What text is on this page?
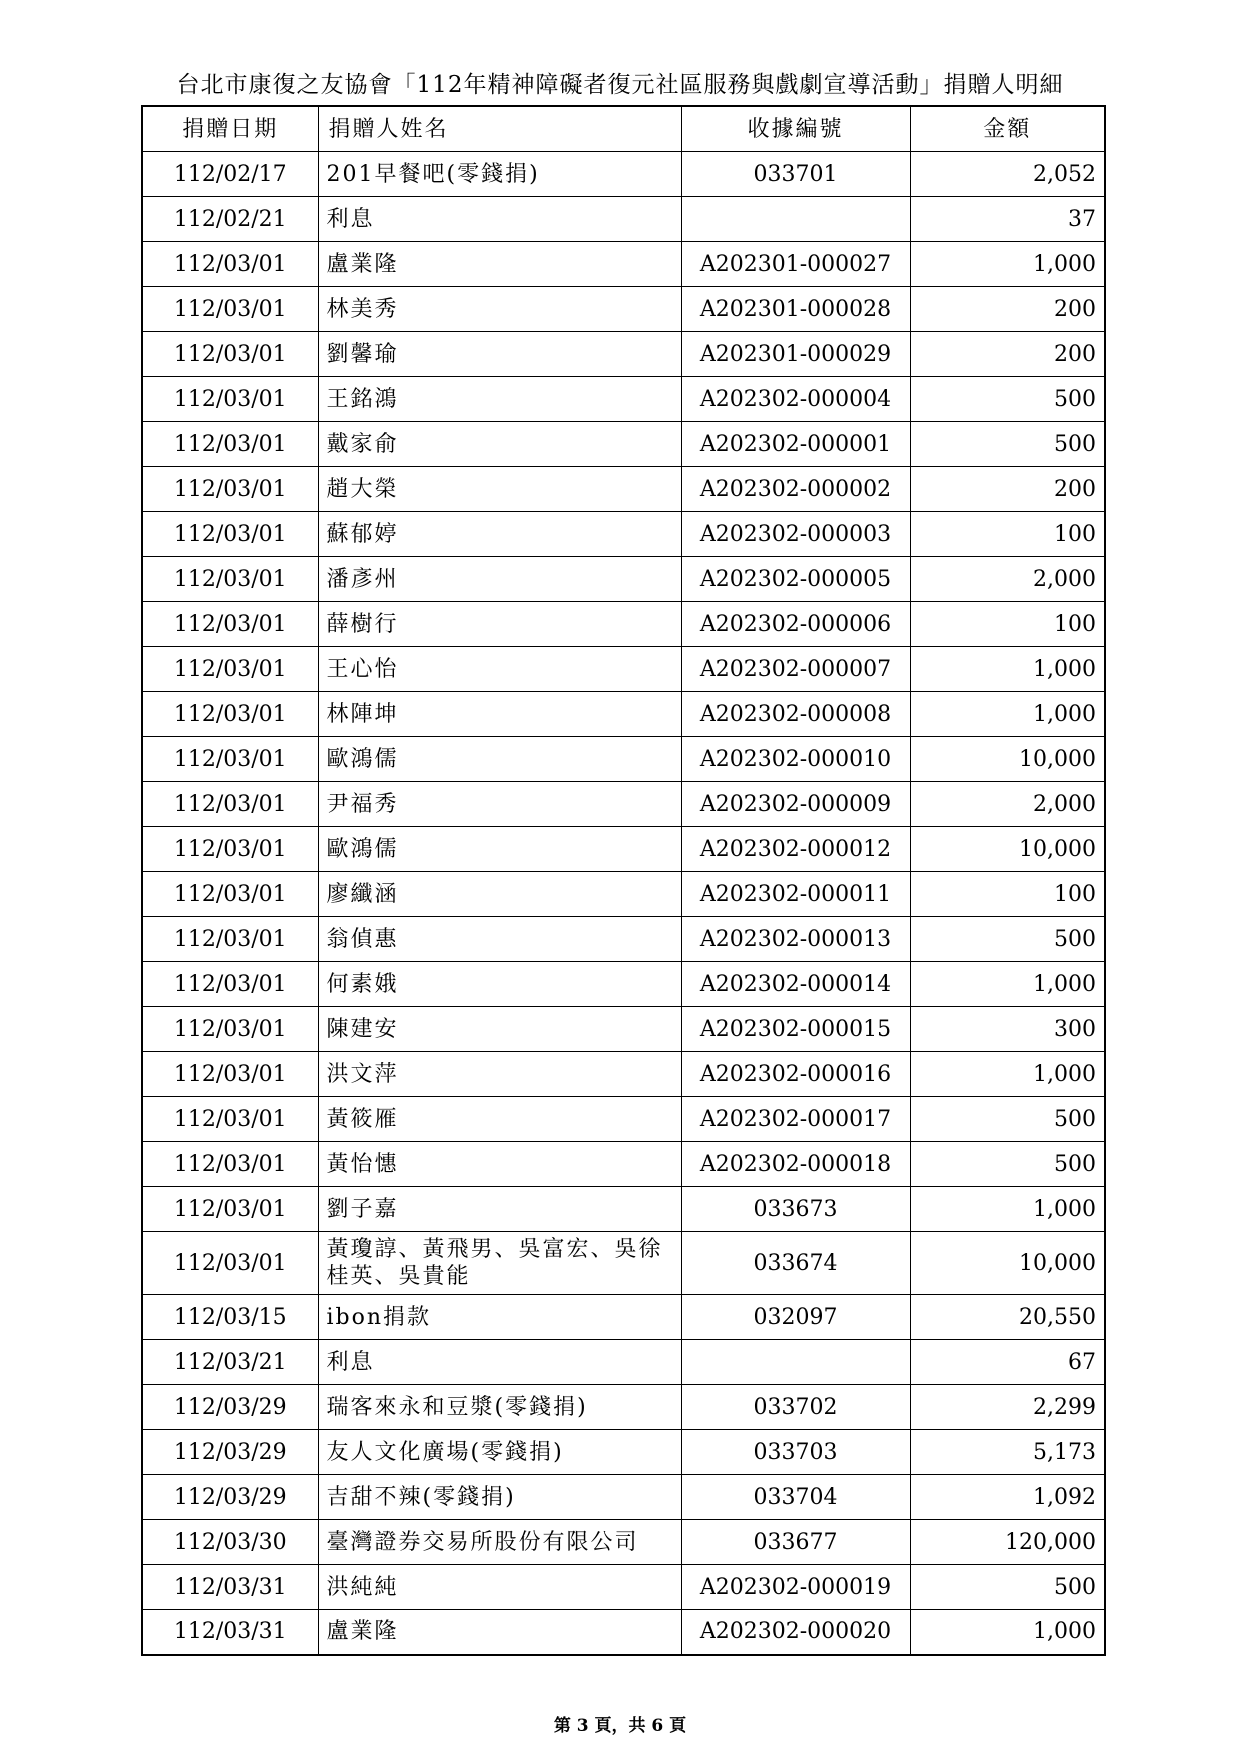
台北市康復之友協會「112年精神障礙者復元社區服務與戲劇宣導活動」捐贈人明細
捐贈日期	捐贈人姓名	收據編號	金額
112/02/17	201早餐吧(零錢捐)	033701	2,052
112/02/21	利息		37
112/03/01	盧業隆	A202301-000027	1,000
112/03/01	林美秀	A202301-000028	200
112/03/01	劉馨瑜	A202301-000029	200
112/03/01	王銘鴻	A202302-000004	500
112/03/01	戴家俞	A202302-000001	500
112/03/01	趙大榮	A202302-000002	200
112/03/01	蘇郁婷	A202302-000003	100
112/03/01	潘彥州	A202302-000005	2,000
112/03/01	薛樹行	A202302-000006	100
112/03/01	王心怡	A202302-000007	1,000
112/03/01	林陣坤	A202302-000008	1,000
112/03/01	歐鴻儒	A202302-000010	10,000
112/03/01	尹福秀	A202302-000009	2,000
112/03/01	歐鴻儒	A202302-000012	10,000
112/03/01	廖纖涵	A202302-000011	100
112/03/01	翁偵惠	A202302-000013	500
112/03/01	何素娥	A202302-000014	1,000
112/03/01	陳建安	A202302-000015	300
112/03/01	洪文萍	A202302-000016	1,000
112/03/01	黃筱雁	A202302-000017	500
112/03/01	黃怡憓	A202302-000018	500
112/03/01	劉子嘉	033673	1,000
112/03/01	黃瓊諄、黃飛男、吳富宏、吳徐桂英、吳貴能	033674	10,000
112/03/15	ibon捐款	032097	20,550
112/03/21	利息		67
112/03/29	瑞客來永和豆漿(零錢捐)	033702	2,299
112/03/29	友人文化廣場(零錢捐)	033703	5,173
112/03/29	吉甜不辣(零錢捐)	033704	1,092
112/03/30	臺灣證券交易所股份有限公司	033677	120,000
112/03/31	洪純純	A202302-000019	500
112/03/31	盧業隆	A202302-000020	1,000
第 3 頁，共 6 頁
